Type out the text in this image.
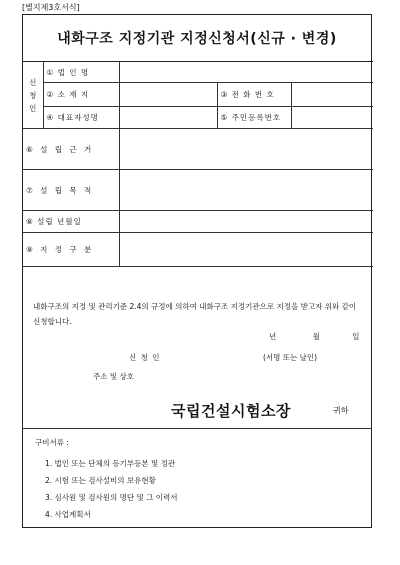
[별지제3호서식]
내화구조 지정기관 지정신청서(신규 · 변경)
신
청
인	① 법 인 명			
	② 소 재 지		③ 전 화 번 호	
	④ 대표자성명		⑤ 주민등록번호	
⑥ 설 립 근 거				
⑦ 설 립 목 적				
⑧ 설립 년월일				
⑨ 지 정 구 분				
내화구조의 지정 및 관리기준 2.4의 규정에 의하여 내화구조 지정기관으로 지정을 받고자 위와 같이 신청합니다.
년	월	일
신 청 인	(서명 또는 날인)
주소 및 상호
국립건설시험소장	귀하
구비서류 :
1. 법인 또는 단체의 등기부등본 및 정관
2. 시험 또는 검사설비의 보유현황
3. 심사원 및 검사원의 명단 및 그 이력서
4. 사업계획서
